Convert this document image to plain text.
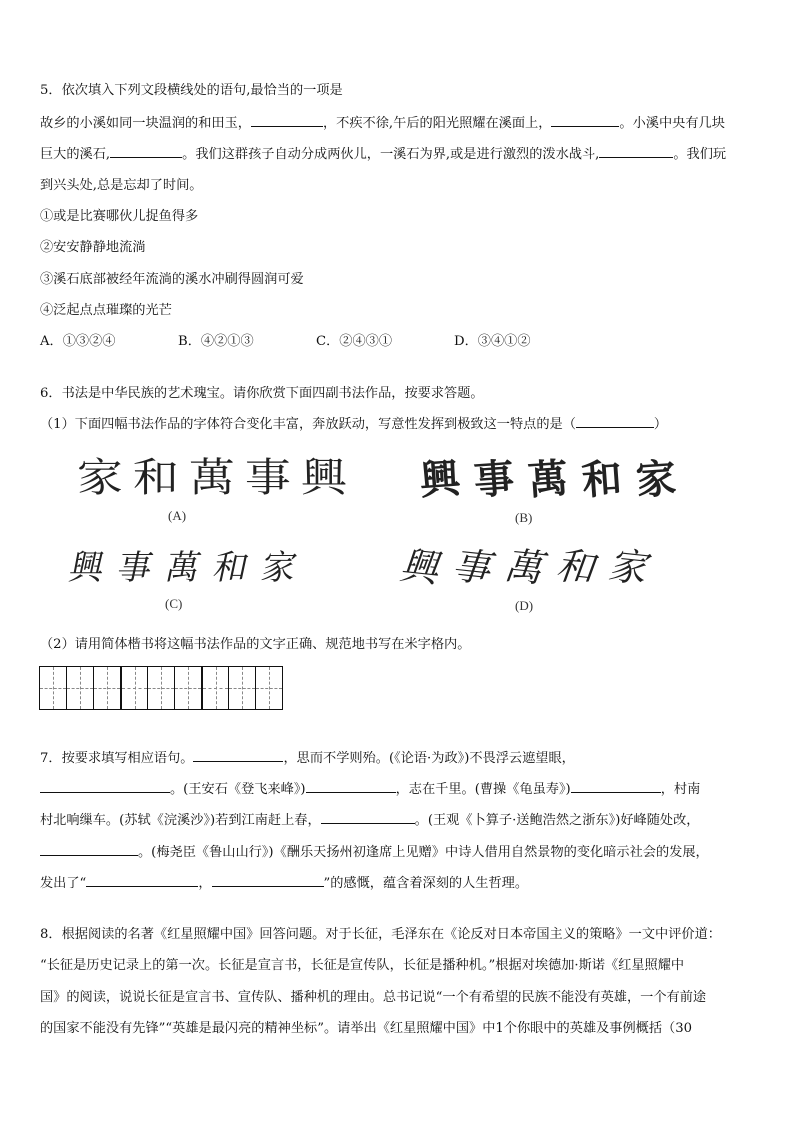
5．依次填入下列文段横线处的语句,最恰当的一项是
故乡的小溪如同一块温润的和田玉，	，不疾不徐,午后的阳光照耀在溪面上，	。小溪中央有几块
巨大的溪石,	。我们这群孩子自动分成两伙儿，一溪石为界,或是进行激烈的泼水战斗,	。我们玩
到兴头处,总是忘却了时间。
①或是比赛哪伙儿捉鱼得多
②安安静静地流淌
③溪石底部被经年流淌的溪水冲刷得圆润可爱
④泛起点点璀璨的光芒
A．①③②④	B．④②①③	C．②④③①	D．③④①②
6．书法是中华民族的艺术瑰宝。请你欣赏下面四副书法作品，按要求答题。
（1）下面四幅书法作品的字体符合变化丰富，奔放跃动，写意性发挥到极致这一特点的是（	）
家 和 萬 事 興
(A)
興 事 萬 和 家
(B)
興 事 萬 和 家
(C)
興 事 萬 和 家
(D)
（2）请用简体楷书将这幅书法作品的文字正确、规范地书写在米字格内。
7．按要求填写相应语句。	，思而不学则殆。(《论语·为政》)不畏浮云遮望眼，
。(王安石《登飞来峰》)	，志在千里。(曹操《龟虽寿》)	，村南
村北响缫车。(苏轼《浣溪沙》)若到江南赶上春，	。(王观《卜算子·送鲍浩然之浙东》)好峰随处改，
。(梅尧臣《鲁山山行》)《酬乐天扬州初逢席上见赠》中诗人借用自然景物的变化暗示社会的发展，
发出了“	，	”的感慨，蕴含着深刻的人生哲理。
8．根据阅读的名著《红星照耀中国》回答问题。对于长征，毛泽东在《论反对日本帝国主义的策略》一文中评价道：
“长征是历史记录上的第一次。长征是宣言书，长征是宣传队，长征是播种机。”根据对埃德加·斯诺《红星照耀中
国》的阅读，说说长征是宣言书、宣传队、播种机的理由。总书记说“一个有希望的民族不能没有英雄，一个有前途
的国家不能没有先锋”“英雄是最闪亮的精神坐标”。请举出《红星照耀中国》中1个你眼中的英雄及事例概括（30
